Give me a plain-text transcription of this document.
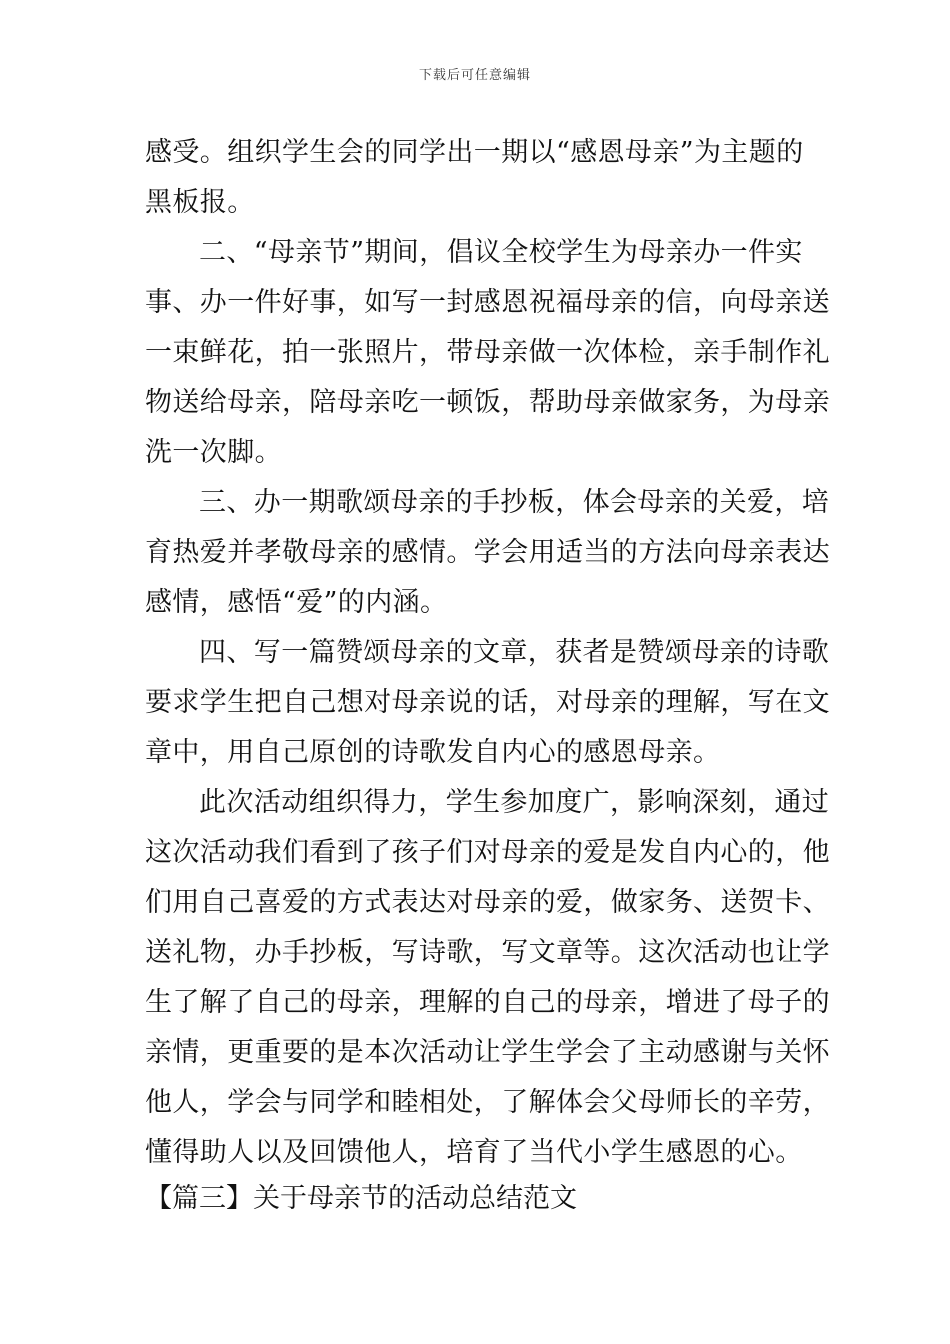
下载后可任意编辑
感受。组织学生会的同学出一期以“感恩母亲”为主题的
黑板报。
二、“母亲节”期间，倡议全校学生为母亲办一件实
事、办一件好事，如写一封感恩祝福母亲的信，向母亲送
一束鲜花，拍一张照片，带母亲做一次体检，亲手制作礼
物送给母亲，陪母亲吃一顿饭，帮助母亲做家务，为母亲
洗一次脚。
三、办一期歌颂母亲的手抄板，体会母亲的关爱，培
育热爱并孝敬母亲的感情。学会用适当的方法向母亲表达
感情，感悟“爱”的内涵。
四、写一篇赞颂母亲的文章，获者是赞颂母亲的诗歌
要求学生把自己想对母亲说的话，对母亲的理解，写在文
章中，用自己原创的诗歌发自内心的感恩母亲。
此次活动组织得力，学生参加度广，影响深刻，通过
这次活动我们看到了孩子们对母亲的爱是发自内心的，他
们用自己喜爱的方式表达对母亲的爱，做家务、送贺卡、
送礼物，办手抄板，写诗歌，写文章等。这次活动也让学
生了解了自己的母亲，理解的自己的母亲，增进了母子的
亲情，更重要的是本次活动让学生学会了主动感谢与关怀
他人，学会与同学和睦相处，了解体会父母师长的辛劳，
懂得助人以及回馈他人，培育了当代小学生感恩的心。
【篇三】关于母亲节的活动总结范文
